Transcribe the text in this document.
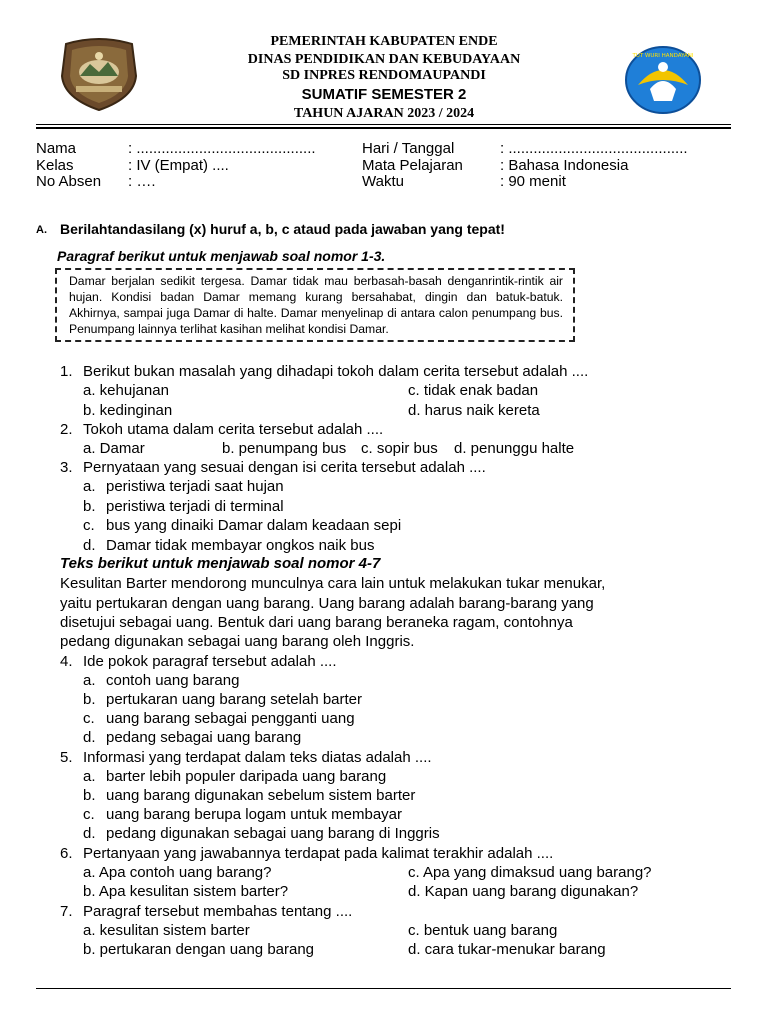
TUT WURI HANDAYANI
PEMERINTAH KABUPATEN ENDE
DINAS PENDIDIKAN DAN KEBUDAYAAN
SD INPRES RENDOMAUPANDI
SUMATIF SEMESTER 2
TAHUN AJARAN 2023 / 2024
Nama	: ...........................................
Kelas	: IV (Empat) ....
No Absen : ….
Hari / Tanggal	: ...........................................
Mata Pelajaran : Bahasa Indonesia
Waktu	: 90 menit
A. Berilahtandasilang (x) huruf a, b, c ataud pada jawaban yang tepat!
Paragraf berikut untuk menjawab soal nomor 1-3.
Damar berjalan sedikit tergesa. Damar tidak mau berbasah-basah denganrintik-rintik air hujan. Kondisi badan Damar memang kurang bersahabat, dingin dan batuk-batuk. Akhirnya, sampai juga Damar di halte. Damar menyelinap di antara calon penumpang bus. Penumpang lainnya terlihat kasihan melihat kondisi Damar.
1. Berikut bukan masalah yang dihadapi tokoh dalam cerita tersebut adalah ....
a. kehujanan
b. kedinginan
c. tidak enak badan
d. harus naik kereta
2. Tokoh utama dalam cerita tersebut adalah ....
a. Damar	b. penumpang bus c. sopir bus d. penunggu halte
3. Pernyataan yang sesuai dengan isi cerita tersebut adalah ....
a. peristiwa terjadi saat hujan
b. peristiwa terjadi di terminal
c. bus yang dinaiki Damar dalam keadaan sepi
d. Damar tidak membayar ongkos naik bus
Teks berikut untuk menjawab soal nomor 4-7
Kesulitan Barter mendorong munculnya cara lain untuk melakukan tukar menukar,
yaitu pertukaran dengan uang barang. Uang barang adalah barang-barang yang
disetujui sebagai uang. Bentuk dari uang barang beraneka ragam, contohnya
pedang digunakan sebagai uang barang oleh Inggris.
4. Ide pokok paragraf tersebut adalah ....
a. contoh uang barang
b. pertukaran uang barang setelah barter
c. uang barang sebagai pengganti uang
d. pedang sebagai uang barang
5. Informasi yang terdapat dalam teks diatas adalah ....
a. barter lebih populer daripada uang barang
b. uang barang digunakan sebelum sistem barter
c. uang barang berupa logam untuk membayar
d. pedang digunakan sebagai uang barang di Inggris
6. Pertanyaan yang jawabannya terdapat pada kalimat terakhir adalah ....
a. Apa contoh uang barang?
b. Apa kesulitan sistem barter?
c. Apa yang dimaksud uang barang?
d. Kapan uang barang digunakan?
7. Paragraf tersebut membahas tentang ....
a. kesulitan sistem barter
b. pertukaran dengan uang barang
c. bentuk uang barang
d. cara tukar-menukar barang
